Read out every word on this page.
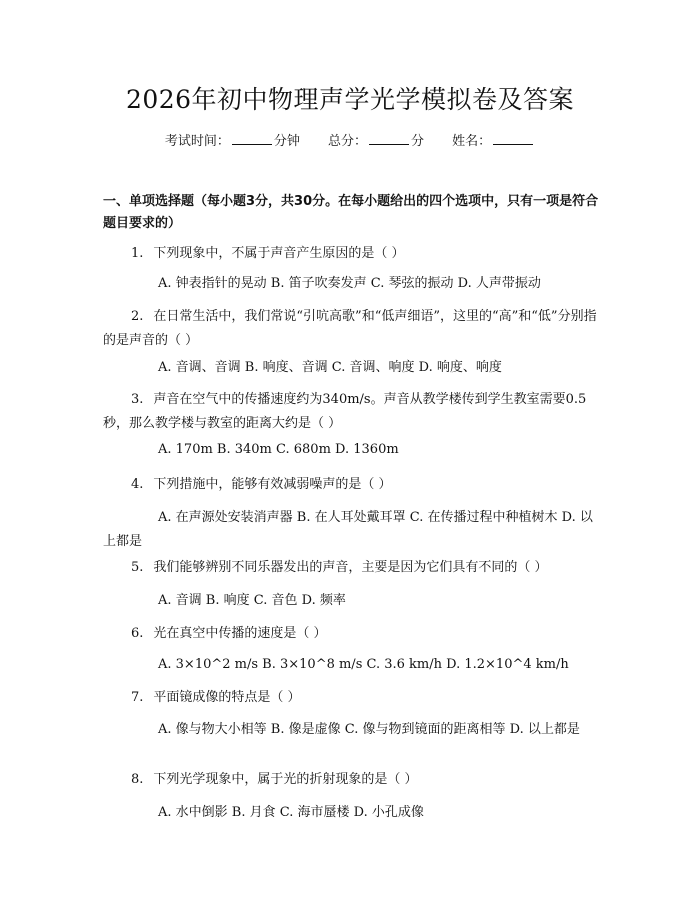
2026年初中物理声学光学模拟卷及答案
考试时间：	分钟 总分：	分 姓名：
一、单项选择题（每小题3分，共30分。在每小题给出的四个选项中，只有一项是符合题目要求的）
1. 下列现象中，不属于声音产生原因的是（ ）
A. 钟表指针的晃动 B. 笛子吹奏发声 C. 琴弦的振动 D. 人声带振动
2. 在日常生活中，我们常说“引吭高歌”和“低声细语”，这里的“高”和“低”分别指的是声音的（ ）
A. 音调、音调 B. 响度、音调 C. 音调、响度 D. 响度、响度
3. 声音在空气中的传播速度约为340m/s。声音从教学楼传到学生教室需要0.5秒，那么教学楼与教室的距离大约是（ ）
A. 170m B. 340m C. 680m D. 1360m
4. 下列措施中，能够有效减弱噪声的是（ ）
A. 在声源处安装消声器 B. 在人耳处戴耳罩 C. 在传播过程中种植树木 D. 以上都是
5. 我们能够辨别不同乐器发出的声音，主要是因为它们具有不同的（ ）
A. 音调 B. 响度 C. 音色 D. 频率
6. 光在真空中传播的速度是（ ）
A. 3×10^2 m/s B. 3×10^8 m/s C. 3.6 km/h D. 1.2×10^4 km/h
7. 平面镜成像的特点是（ ）
A. 像与物大小相等 B. 像是虚像 C. 像与物到镜面的距离相等 D. 以上都是
8. 下列光学现象中，属于光的折射现象的是（ ）
A. 水中倒影 B. 月食 C. 海市蜃楼 D. 小孔成像
